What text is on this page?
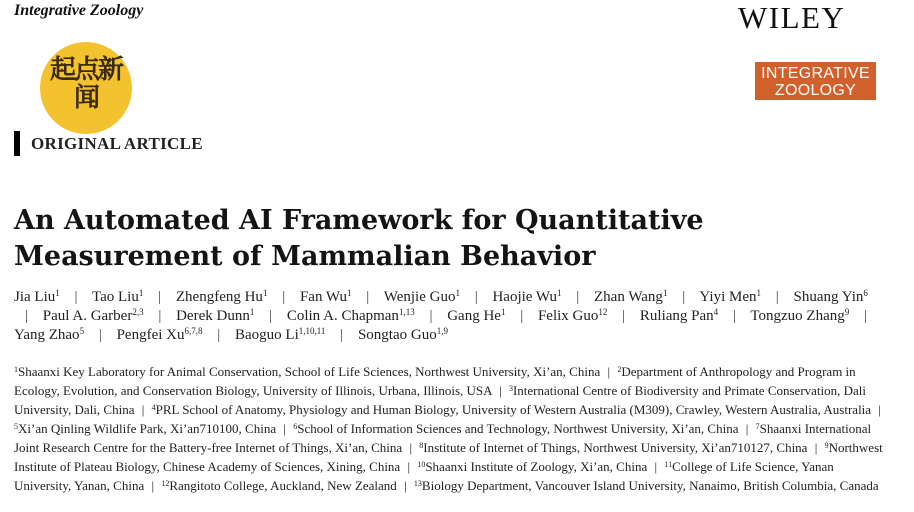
Integrative Zoology	WILEY
起点新闻
INTEGRATIVE
ZOOLOGY
ORIGINAL ARTICLE
An Automated AI Framework for Quantitative
Measurement of Mammalian Behavior
Jia Liu$^1$ | Tao Liu$^1$ | Zhengfeng Hu$^1$ | Fan Wu$^1$ | Wenjie Guo$^1$ | Haojie Wu$^1$ | Zhan Wang$^1$ | Yiyi Men$^1$ | Shuang Yin$^6$ | Paul A. Garber$^{2,3}$ | Derek Dunn$^1$ | Colin A. Chapman$^{1,13}$ | Gang He$^1$ | Felix Guo$^{12}$ | Ruliang Pan$^4$ | Tongzuo Zhang$^9$ | Yang Zhao$^5$ | Pengfei Xu$^{6,7,8}$ | Baoguo Li$^{1,10,11}$ | Songtao Guo$^{1,9}$
$^1$Shaanxi Key Laboratory for Animal Conservation, School of Life Sciences, Northwest University, Xi’an, China | $^2$Department of Anthropology and Program in Ecology, Evolution, and Conservation Biology, University of Illinois, Urbana, Illinois, USA | $^3$International Centre of Biodiversity and Primate Conservation, Dali University, Dali, China | $^4$PRL School of Anatomy, Physiology and Human Biology, University of Western Australia (M309), Crawley, Western Australia, Australia | $^5$Xi’an Qinling Wildlife Park, Xi’an710100, China | $^6$School of Information Sciences and Technology, Northwest University, Xi’an, China | $^7$Shaanxi International Joint Research Centre for the Battery-free Internet of Things, Xi’an, China | $^8$Institute of Internet of Things, Northwest University, Xi’an710127, China | $^9$Northwest Institute of Plateau Biology, Chinese Academy of Sciences, Xining, China | $^{10}$Shaanxi Institute of Zoology, Xi’an, China | $^{11}$College of Life Science, Yanan University, Yanan, China | $^{12}$Rangitoto College, Auckland, New Zealand | $^{13}$Biology Department, Vancouver Island University, Nanaimo, British Columbia, Canada
